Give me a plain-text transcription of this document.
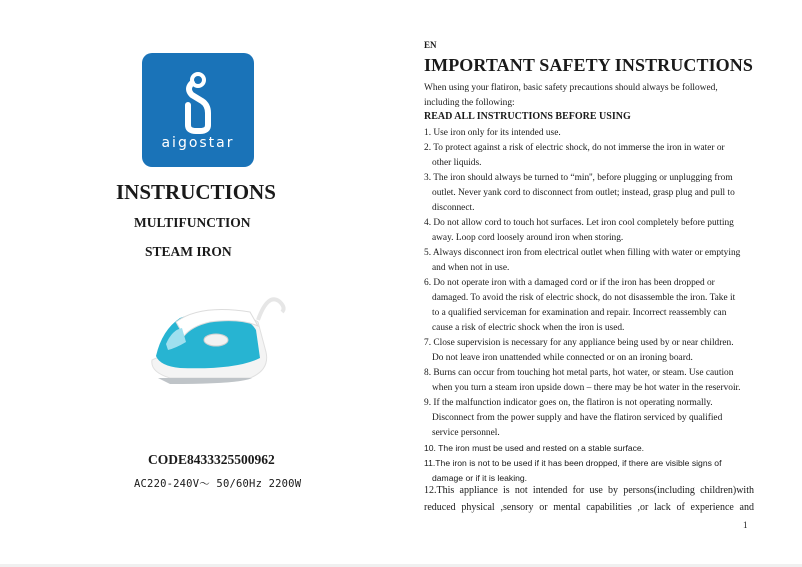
aigostar
INSTRUCTIONS
MULTIFUNCTION
STEAM IRON
CODE8433325500962
AC220-240V〜 50/60Hz 2200W
EN
IMPORTANT SAFETY INSTRUCTIONS
When using your flatiron, basic safety precautions should always be followed,
including the following:
READ ALL INSTRUCTIONS BEFORE USING
1. Use iron only for its intended use.
2. To protect against a risk of electric shock, do not immerse the iron in water or
other liquids.
3. The iron should always be turned to “min'', before plugging or unplugging from
outlet. Never yank cord to disconnect from outlet; instead, grasp plug and pull to
disconnect.
4. Do not allow cord to touch hot surfaces. Let iron cool completely before putting
away. Loop cord loosely around iron when storing.
5. Always disconnect iron from electrical outlet when filling with water or emptying
and when not in use.
6. Do not operate iron with a damaged cord or if the iron has been dropped or
damaged. To avoid the risk of electric shock, do not disassemble the iron. Take it
to a qualified serviceman for examination and repair. Incorrect reassembly can
cause a risk of electric shock when the iron is used.
7. Close supervision is necessary for any appliance being used by or near children.
Do not leave iron unattended while connected or on an ironing board.
8. Burns can occur from touching hot metal parts, hot water, or steam. Use caution
when you turn a steam iron upside down – there may be hot water in the reservoir.
9. If the malfunction indicator goes on, the flatiron is not operating normally.
Disconnect from the power supply and have the flatiron serviced by qualified
service personnel.
10. The iron must be used and rested on a stable surface.
11.The iron is not to be used if it has been dropped, if there are visible signs of
damage or if it is leaking.
12.This appliance is not intended for use by persons(including children)with
reduced physical ,sensory or mental capabilities ,or lack of experience and
1
